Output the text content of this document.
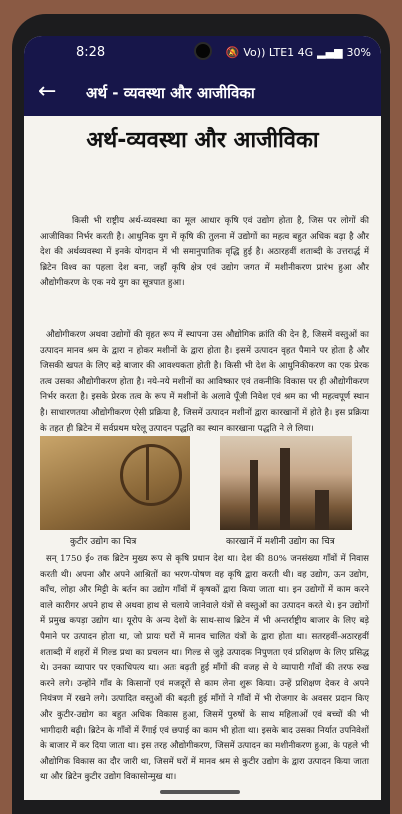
8:28	🔕 Vo)) LTE1 4G ▂▄▆ 30%
← अर्थ - व्यवस्था और आजीविका
अर्थ-व्यवस्था और आजीविका
किसी भी राष्ट्रीय अर्थ-व्यवस्था का मूल आधार कृषि एवं उद्योग होता है, जिस पर लोगों की आजीविका निर्भर करती है। आधुनिक युग में कृषि की तुलना में उद्योगों का महत्व बहुत अधिक बढ़ा है और देश की अर्थव्यवस्था में इनके योगदान में भी समानुपातिक वृद्धि हुई है। अठारहवीं शताब्दी के उत्तरार्द्ध में ब्रिटेन विश्व का पहला देश बना, जहाँ कृषि क्षेत्र एवं उद्योग जगत में मशीनीकरण प्रारंभ हुआ और औद्योगीकरण के एक नये युग का सूत्रपात हुआ।
औद्योगीकरण अथवा उद्योगों की वृहत रूप में स्थापना उस औद्योगिक क्रांति की देन है, जिसमें वस्तुओं का उत्पादन मानव श्रम के द्वारा न होकर मशीनों के द्वारा होता है। इसमें उत्पादन वृहत पैमाने पर होता है और जिसकी खपत के लिए बड़े बाजार की आवश्यकता होती है। किसी भी देश के आधुनिकीकरण का एक प्रेरक तत्व उसका औद्योगीकरण होता है। नये-नये मशीनों का आविष्कार एवं तकनीकि विकास पर ही औद्योगीकरण निर्भर करता है। इसके प्रेरक तत्व के रूप में मशीनों के अलावे पूँजी निवेश एवं श्रम का भी महत्वपूर्ण स्थान है। साधारणतया औद्योगीकरण ऐसी प्रक्रिया है, जिसमें उत्पादन मशीनों द्वारा कारखानों में होते है। इस प्रक्रिया के तहत ही ब्रिटेन में सर्वप्रथम घरेलू उत्पादन पद्धति का स्थान कारखाना पद्धति ने ले लिया।
कुटीर उद्योग का चित्र	कारखानें में मशीनी उद्योग का चित्र
सन् 1750 ई० तक ब्रिटेन मुख्य रूप से कृषि प्रधान देश था। देश की 80% जनसंख्या गाँवों में निवास करती थी। अपना और अपने आश्रितों का भरण-पोषण वह कृषि द्वारा करती थी। वह उद्योग, ऊन उद्योग, काँच, लोहा और मिट्टी के बर्तन का उद्योग गाँवों में कृषकों द्वारा किया जाता था। इन उद्योगों में काम करने वाले कारीगर अपने हाथ से अथवा हाथ से चलाये जानेवाले यंत्रों से वस्तुओं का उत्पादन करते थे। इन उद्योगों में प्रमुख कपड़ा उद्योग था। यूरोप के अन्य देशों के साथ-साथ ब्रिटेन में भी अन्तर्राष्ट्रीय बाजार के लिए बड़े पैमाने पर उत्पादन होता था, जो प्रायः घरों में मानव चालित यंत्रों के द्वारा होता था। सतरहवीं-अठारहवीं शताब्दी में शहरों में गिल्ड प्रथा का प्रचलन था। गिल्ड से जुड़े उत्पादक निपुणता एवं प्रशिक्षण के लिए प्रसिद्ध थे। उनका व्यापार पर एकाधिपत्य था। अतः बढ़ती हुई माँगों की वजह से ये व्यापारी गाँवों की तरफ रुख करने लगे। उन्होंने गाँव के किसानों एवं मजदूरों से काम लेना शुरू किया। उन्हें प्रशिक्षण देकर वे अपने नियंत्रण में रखने लगे। उत्पादित वस्तुओं की बढ़ती हुई माँगों ने गाँवों में भी रोजगार के अवसर प्रदान किए और कुटीर-उद्योग का बहुत अधिक विकास हुआ, जिसमें पुरुषों के साथ महिलाओं एवं बच्चों की भी भागीदारी बढ़ी। ब्रिटेन के गाँवों में रँगाई एवं छपाई का काम भी होता था। इसके बाद उसका निर्यात उपनिवेशों के बाजार में कर दिया जाता था। इस तरह औद्योगीकरण, जिसमें उत्पादन का मशीनीकरण हुआ, के पहले भी औद्योगिक विकास का दौर जारी था, जिसमें घरों में मानव श्रम से कुटीर उद्योग के द्वारा उत्पादन किया जाता था और ब्रिटेन कुटीर उद्योग विकासोन्मुख था।
